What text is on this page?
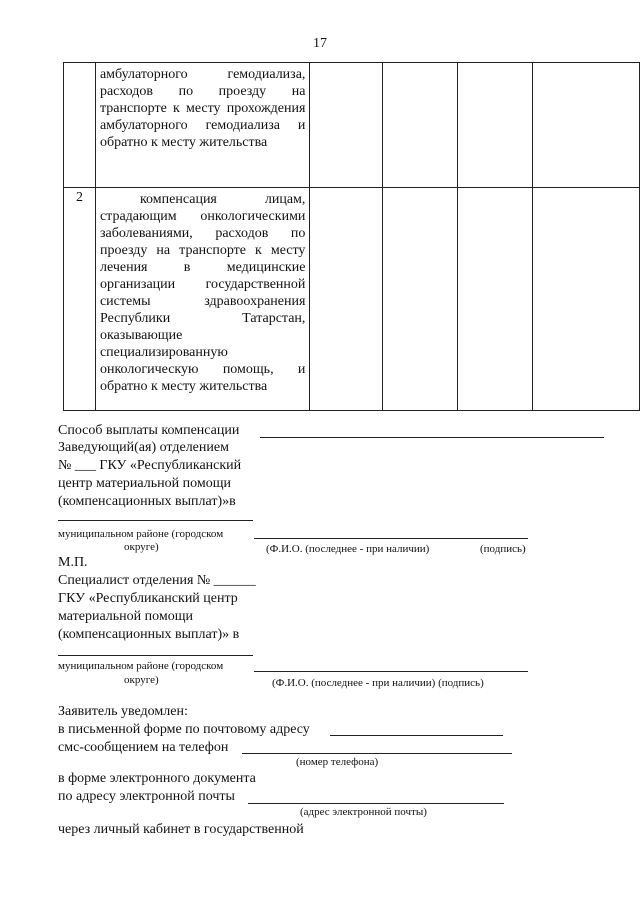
17
	амбулаторного гемодиализа, расходов по проезду на транспорте к месту прохождения амбулаторного гемодиализа и обратно к месту жительства				
2	компенсация лицам, страдающим онкологическими заболеваниями, расходов по проезду на транспорте к месту лечения в медицинские организации государственной системы здравоохранения Республики Татарстан, оказывающие специализированную онкологическую помощь, и обратно к месту жительства				
Способ выплаты компенсации
Заведующий(ая) отделением
№ ___ ГКУ «Республиканский
центр материальной помощи
(компенсационных выплат)»в
муниципальном районе (городском
округе)	(Ф.И.О. (последнее - при наличии)	(подпись)
М.П.
Специалист отделения № ______
ГКУ «Республиканский центр
материальной помощи
(компенсационных выплат)» в
муниципальном районе (городском
округе)	(Ф.И.О. (последнее - при наличии) (подпись)
Заявитель уведомлен:
в письменной форме по почтовому адресу
смс-сообщением на телефон
(номер телефона)
в форме электронного документа
по адресу электронной почты
(адрес электронной почты)
через личный кабинет в государственной
